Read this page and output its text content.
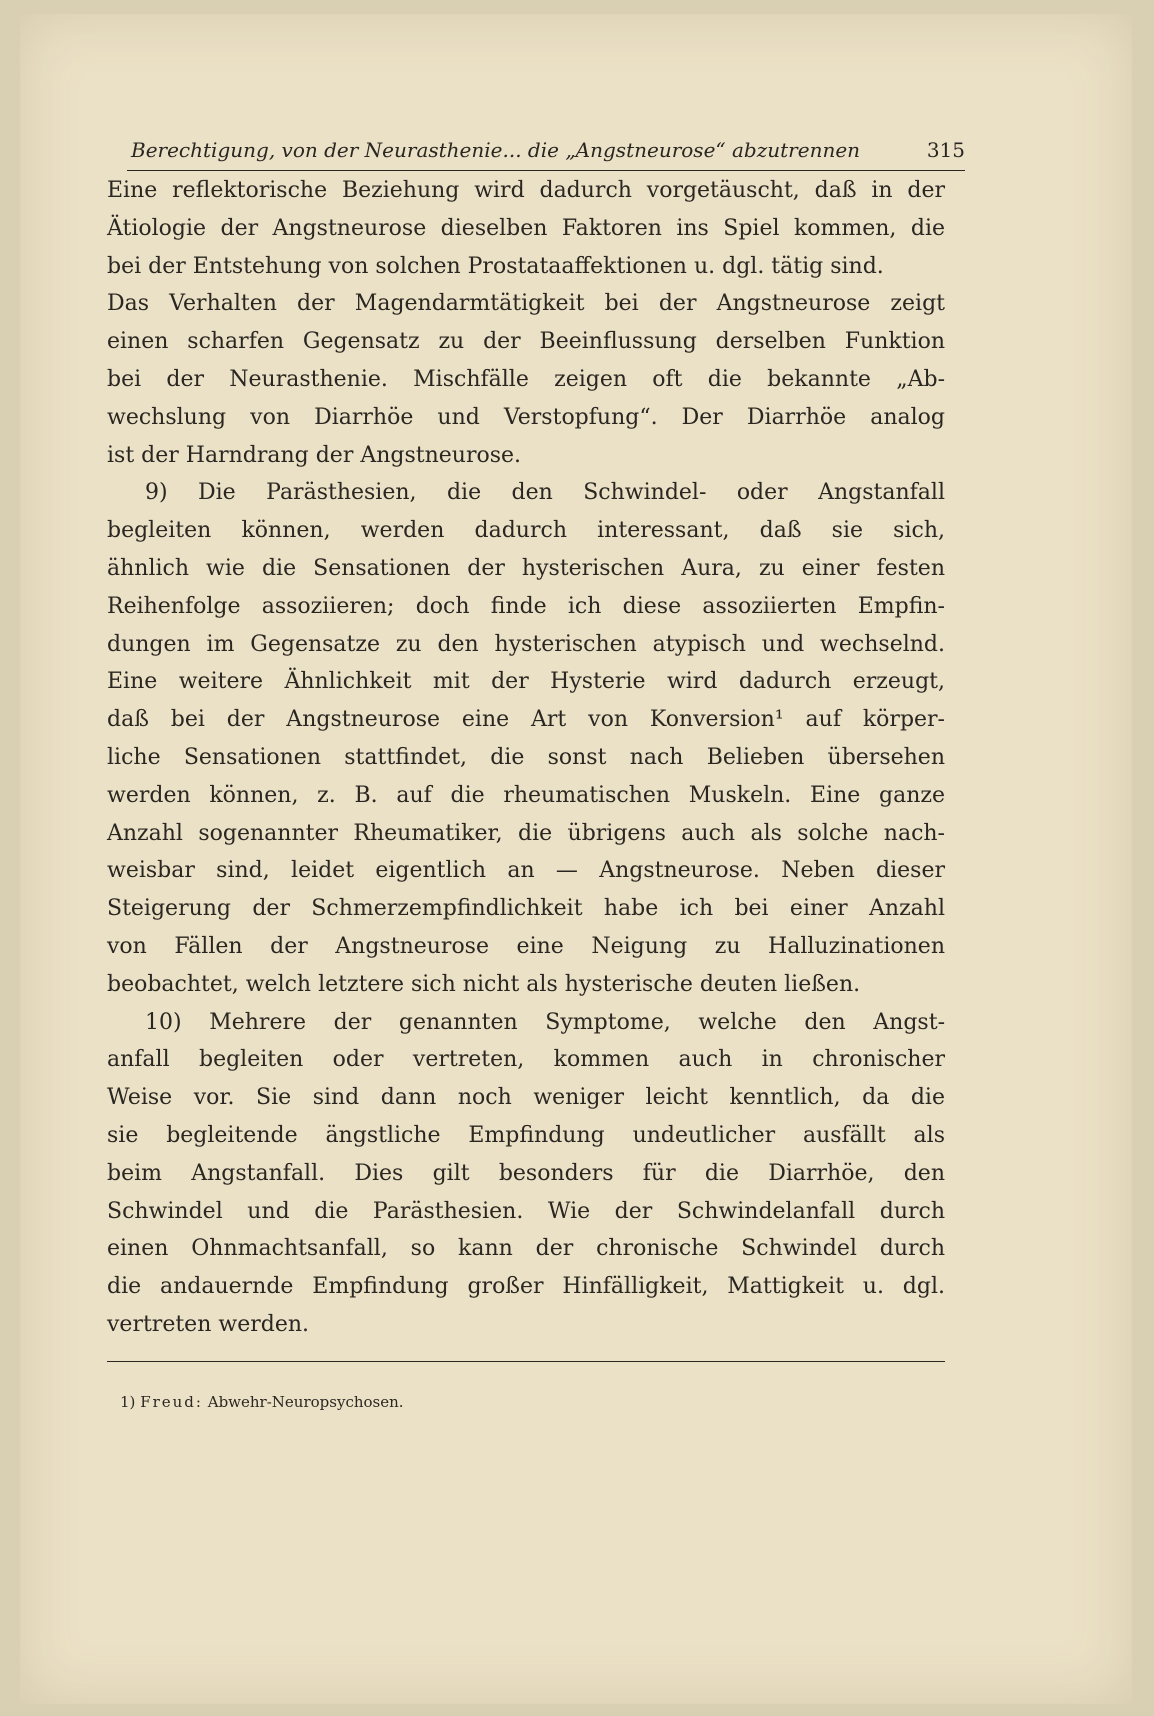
Berechtigung, von der Neurasthenie... die „Angstneurose“ abzutrennen	315
Eine reflektorische Beziehung wird dadurch vorgetäuscht, daß in der
Ätiologie der Angstneurose dieselben Faktoren ins Spiel kommen, die
bei der Entstehung von solchen Prostataaffektionen u. dgl. tätig sind.
Das Verhalten der Magendarmtätigkeit bei der Angstneurose zeigt
einen scharfen Gegensatz zu der Beeinflussung derselben Funktion
bei der Neurasthenie. Mischfälle zeigen oft die bekannte „Ab-
wechslung von Diarrhöe und Verstopfung“. Der Diarrhöe analog
ist der Harndrang der Angstneurose.
9) Die Parästhesien, die den Schwindel- oder Angstanfall
begleiten können, werden dadurch interessant, daß sie sich,
ähnlich wie die Sensationen der hysterischen Aura, zu einer festen
Reihenfolge assoziieren; doch finde ich diese assoziierten Empfin-
dungen im Gegensatze zu den hysterischen atypisch und wechselnd.
Eine weitere Ähnlichkeit mit der Hysterie wird dadurch erzeugt,
daß bei der Angstneurose eine Art von Konversion¹ auf körper-
liche Sensationen stattfindet, die sonst nach Belieben übersehen
werden können, z. B. auf die rheumatischen Muskeln. Eine ganze
Anzahl sogenannter Rheumatiker, die übrigens auch als solche nach-
weisbar sind, leidet eigentlich an — Angstneurose. Neben dieser
Steigerung der Schmerzempfindlichkeit habe ich bei einer Anzahl
von Fällen der Angstneurose eine Neigung zu Halluzinationen
beobachtet, welch letztere sich nicht als hysterische deuten ließen.
10) Mehrere der genannten Symptome, welche den Angst-
anfall begleiten oder vertreten, kommen auch in chronischer
Weise vor. Sie sind dann noch weniger leicht kenntlich, da die
sie begleitende ängstliche Empfindung undeutlicher ausfällt als
beim Angstanfall. Dies gilt besonders für die Diarrhöe, den
Schwindel und die Parästhesien. Wie der Schwindelanfall durch
einen Ohnmachtsanfall, so kann der chronische Schwindel durch
die andauernde Empfindung großer Hinfälligkeit, Mattigkeit u. dgl.
vertreten werden.
1) Freud: Abwehr-Neuropsychosen.
